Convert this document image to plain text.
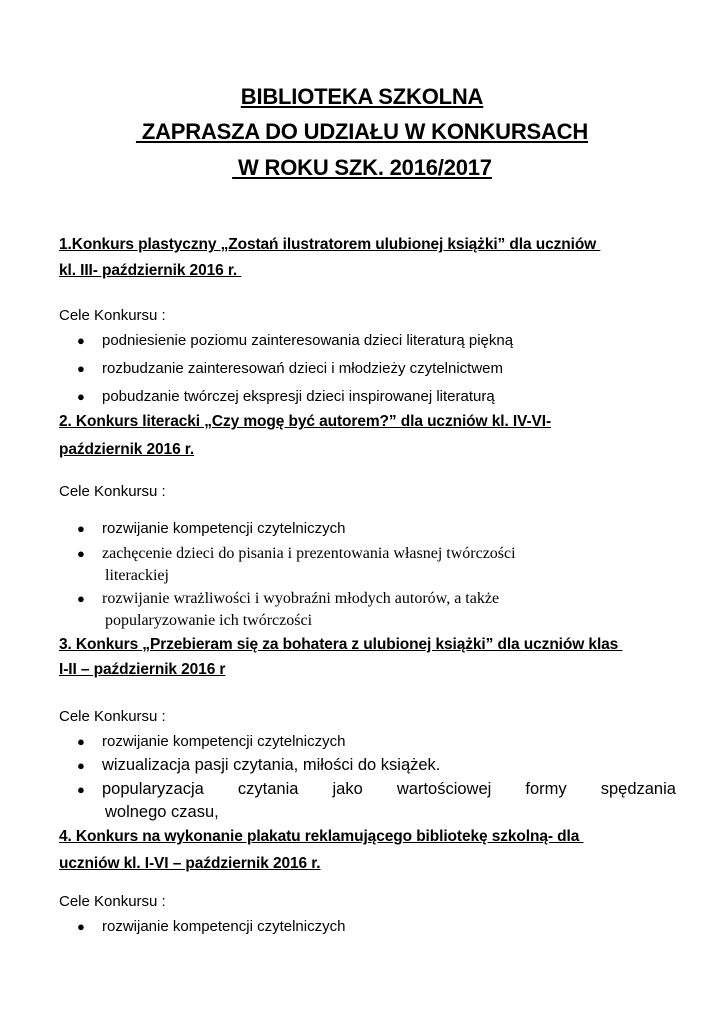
BIBLIOTEKA SZKOLNA
ZAPRASZA DO UDZIAŁU W KONKURSACH
W ROKU SZK. 2016/2017
1.Konkurs plastyczny „Zostań ilustratorem ulubionej książki” dla uczniów
kl. III- październik 2016 r.
Cele Konkursu :
● podniesienie poziomu zainteresowania dzieci literaturą piękną
● rozbudzanie zainteresowań dzieci i młodzieży czytelnictwem
● pobudzanie twórczej ekspresji dzieci inspirowanej literaturą
2. Konkurs literacki „Czy mogę być autorem?” dla uczniów kl. IV-VI-
październik 2016 r.
Cele Konkursu :
● rozwijanie kompetencji czytelniczych
● zachęcenie dzieci do pisania i prezentowania własnej twórczości
literackiej
● rozwijanie wrażliwości i wyobraźni młodych autorów, a także
popularyzowanie ich twórczości
3. Konkurs „Przebieram się za bohatera z ulubionej książki” dla uczniów klas
I-II – październik 2016 r
Cele Konkursu :
● rozwijanie kompetencji czytelniczych
● wizualizacja pasji czytania, miłości do książek.
●	popularyzacja czytania jako wartościowej formy spędzania
wolnego czasu,
4. Konkurs na wykonanie plakatu reklamującego bibliotekę szkolną- dla
uczniów kl. I-VI – październik 2016 r.
Cele Konkursu :
● rozwijanie kompetencji czytelniczych
